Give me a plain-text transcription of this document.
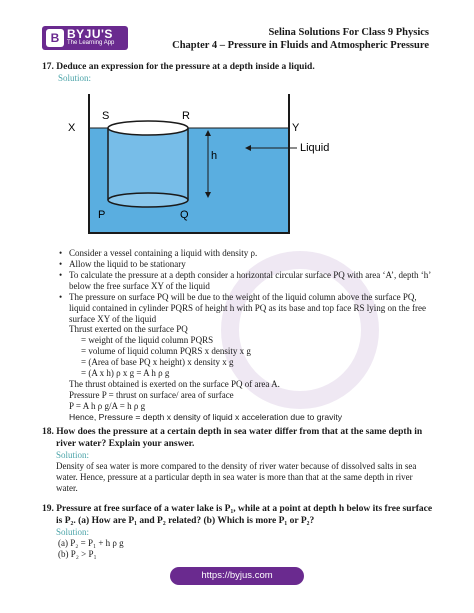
B BYJU'S
The Learning App
Selina Solutions For Class 9 Physics
Chapter 4 – Pressure in Fluids and Atmospheric Pressure
17. Deduce an expression for the pressure at a depth inside a liquid.
Solution:
X	Y
S	R
P	Q
h
Liquid
• Consider a vessel containing a liquid with density ρ.
• Allow the liquid to be stationary
• To calculate the pressure at a depth consider a horizontal circular surface PQ with area ‘A’, depth ‘h’ below the free surface XY of the liquid
• The pressure on surface PQ will be due to the weight of the liquid column above the surface PQ, liquid contained in cylinder PQRS of height h with PQ as its base and top face RS lying on the free surface XY of the liquid
Thrust exerted on the surface PQ
= weight of the liquid column PQRS
= volume of liquid column PQRS x density x g
= (Area of base PQ x height) x density x g
= (A x h) ρ x g = A h ρ g
The thrust obtained is exerted on the surface PQ of area A.
Pressure P = thrust on surface/ area of surface
P = A h ρ g/A = h ρ g
Hence, Pressure = depth x density of liquid x acceleration due to gravity
18. How does the pressure at a certain depth in sea water differ from that at the same depth in
river water? Explain your answer.
Solution:
Density of sea water is more compared to the density of river water because of dissolved salts in sea
water. Hence, pressure at a particular depth in sea water is more than that at the same depth in river
water.
19. Pressure at free surface of a water lake is P₁, while at a point at depth h below its free surface
is P₂. (a) How are P₁ and P₂ related? (b) Which is more P₁ or P₂?
Solution:
(a) P₂ = P₁ + h ρ g
(b) P₂ > P₁
https://byjus.com
